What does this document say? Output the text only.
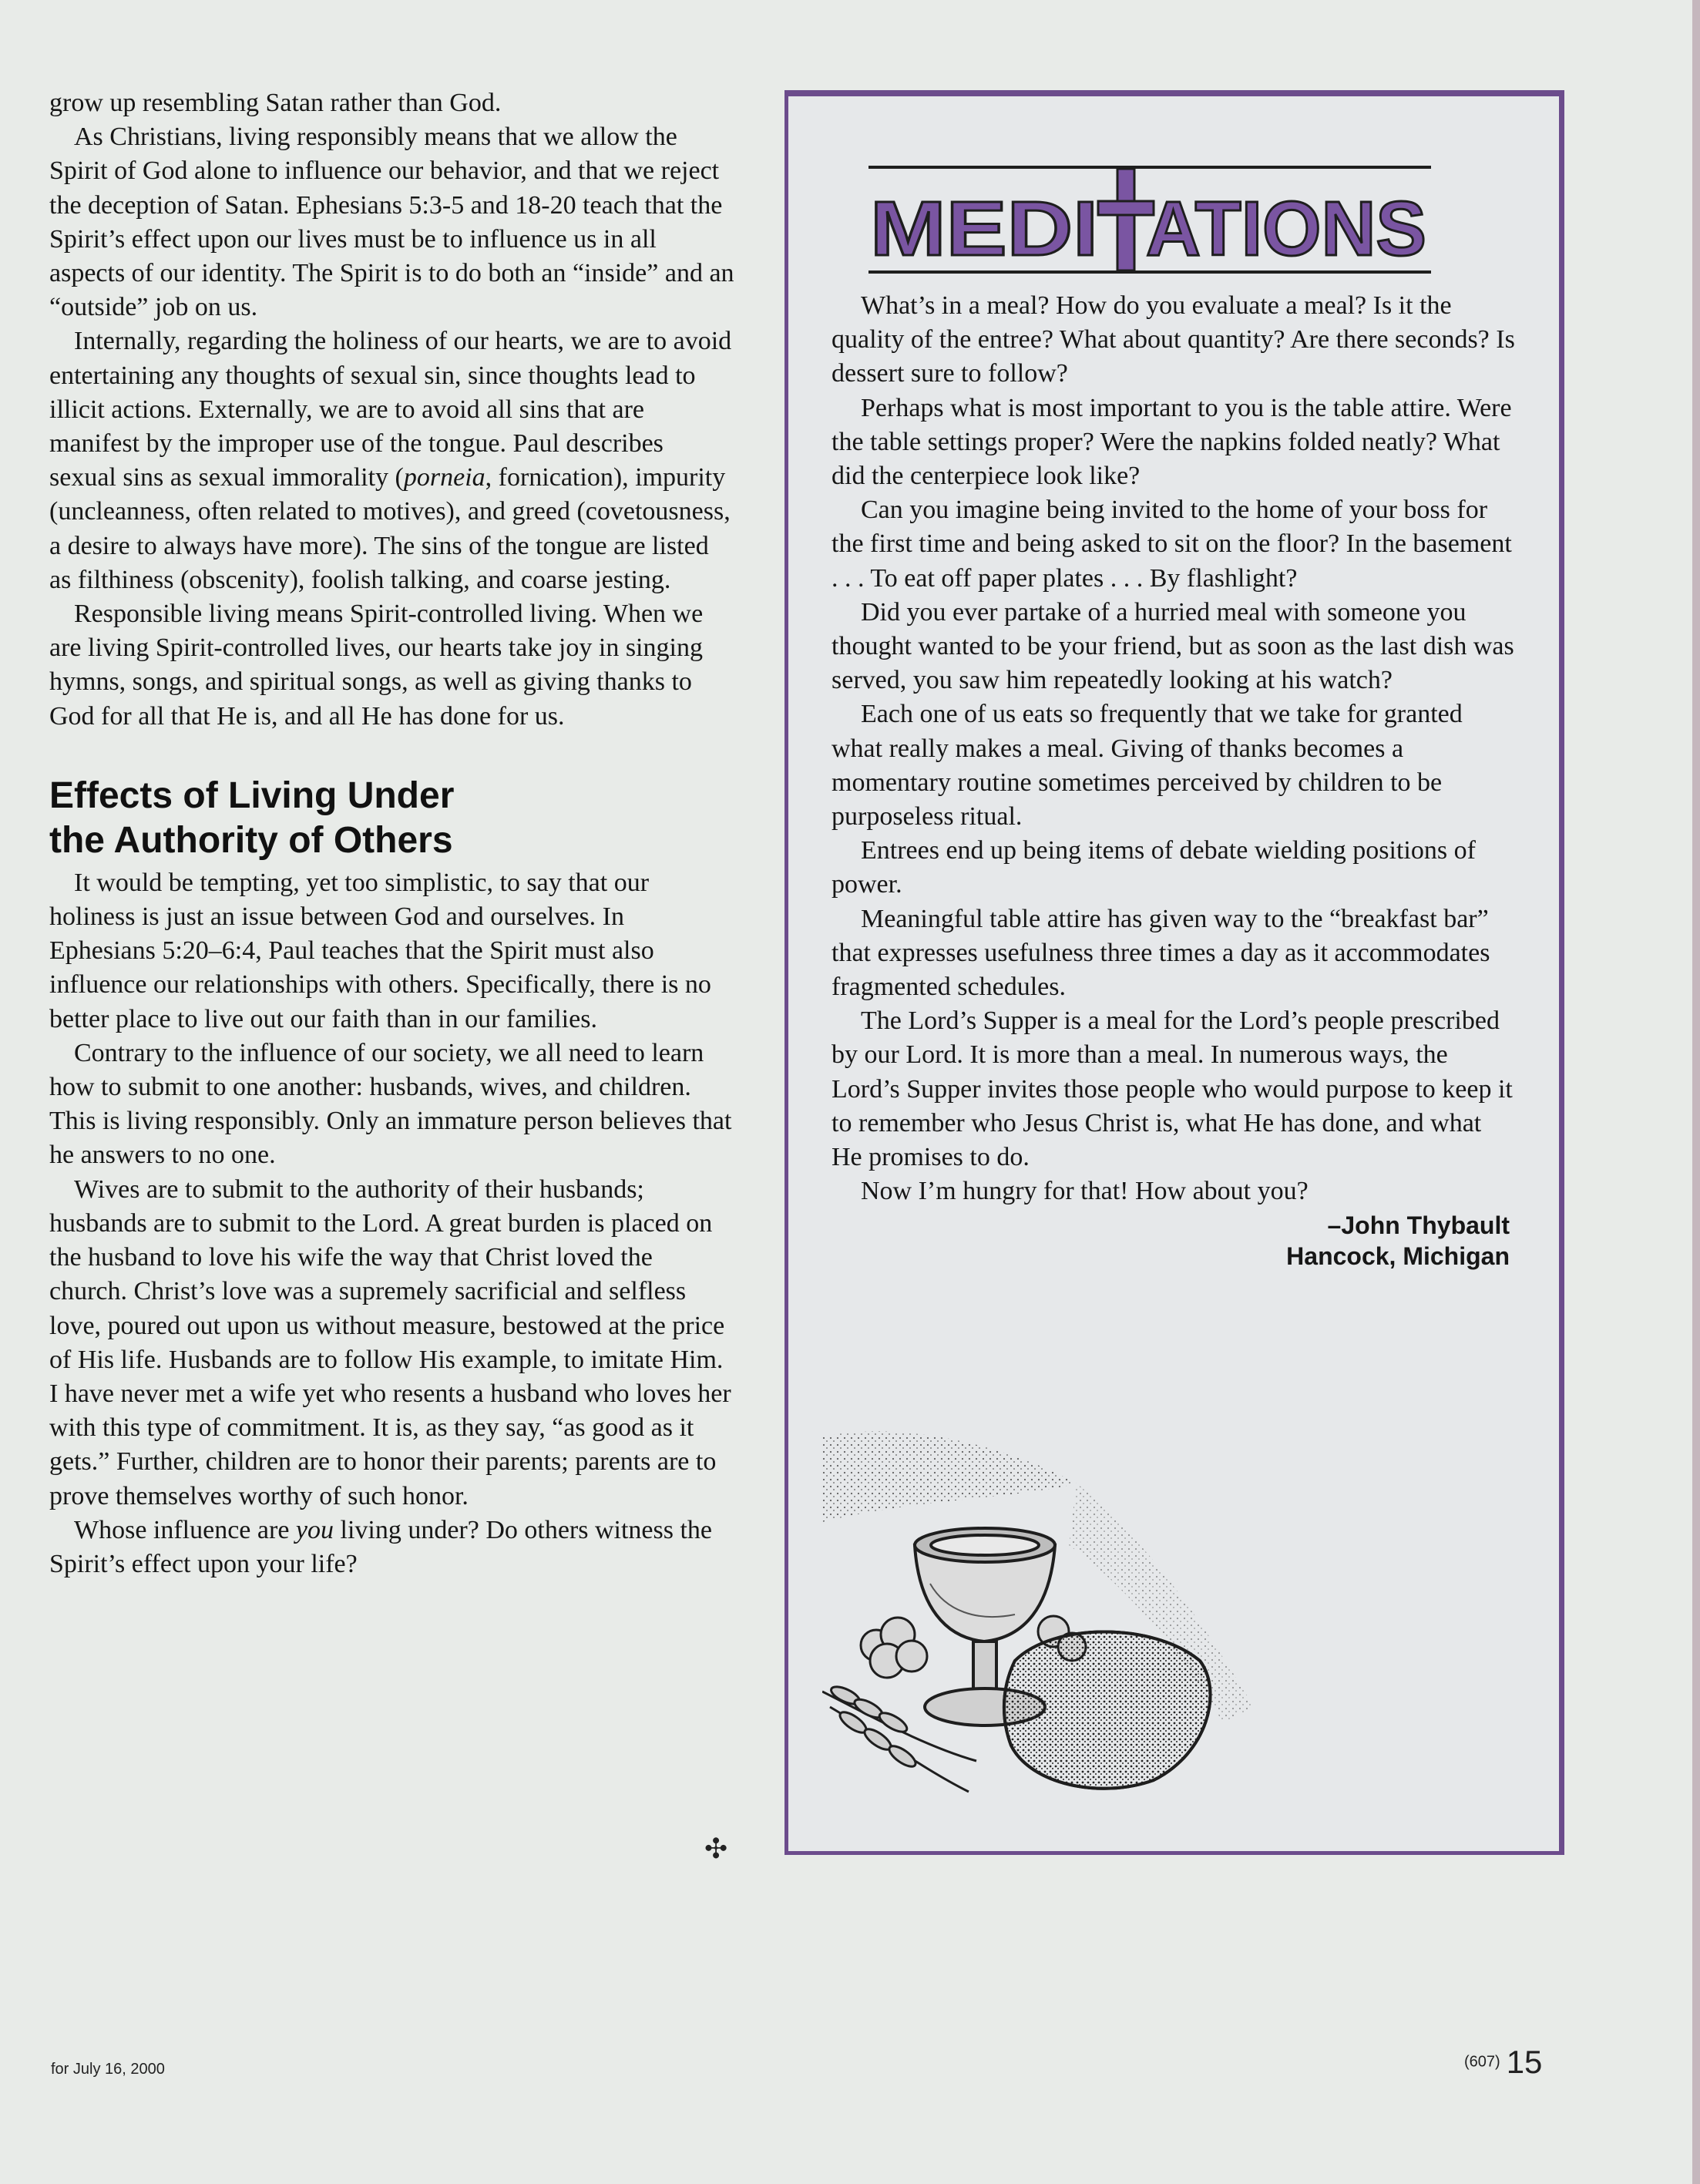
grow up resembling Satan rather than God.

As Christians, living responsibly means that we allow the Spirit of God alone to influence our behavior, and that we reject the deception of Satan. Ephesians 5:3-5 and 18-20 teach that the Spirit’s effect upon our lives must be to influence us in all aspects of our identity. The Spirit is to do both an “inside” and an “outside” job on us.

Internally, regarding the holiness of our hearts, we are to avoid entertaining any thoughts of sexual sin, since thoughts lead to illicit actions. Externally, we are to avoid all sins that are manifest by the improper use of the tongue. Paul describes sexual sins as sexual immorality (porneia, fornication), impurity (uncleanness, often related to motives), and greed (covetousness, a desire to always have more). The sins of the tongue are listed as filthiness (obscenity), foolish talking, and coarse jesting.

Responsible living means Spirit-controlled living. When we are living Spirit-controlled lives, our hearts take joy in singing hymns, songs, and spiritual songs, as well as giving thanks to God for all that He is, and all He has done for us.

Effects of Living Under
the Authority of Others

It would be tempting, yet too simplistic, to say that our holiness is just an issue between God and ourselves. In Ephesians 5:20–6:4, Paul teaches that the Spirit must also influence our relationships with others. Specifically, there is no better place to live out our faith than in our families.

Contrary to the influence of our society, we all need to learn how to submit to one another: husbands, wives, and children. This is living responsibly. Only an immature person believes that he answers to no one.

Wives are to submit to the authority of their husbands; husbands are to submit to the Lord. A great burden is placed on the husband to love his wife the way that Christ loved the church. Christ’s love was a supremely sacrificial and selfless love, poured out upon us without measure, bestowed at the price of His life. Husbands are to follow His example, to imitate Him. I have never met a wife yet who resents a husband who loves her with this type of commitment. It is, as they say, “as good as it gets.” Further, children are to honor their parents; parents are to prove themselves worthy of such honor.

Whose influence are you living under? Do others witness the Spirit’s effect upon your life?

✣
MEDI ATIONS

What’s in a meal? How do you evaluate a meal? Is it the quality of the entree? What about quantity? Are there seconds? Is dessert sure to follow?

Perhaps what is most important to you is the table attire. Were the table settings proper? Were the napkins folded neatly? What did the centerpiece look like?

Can you imagine being invited to the home of your boss for the first time and being asked to sit on the floor? In the basement . . . To eat off paper plates . . . By flashlight?

Did you ever partake of a hurried meal with someone you thought wanted to be your friend, but as soon as the last dish was served, you saw him repeatedly looking at his watch?

Each one of us eats so frequently that we take for granted what really makes a meal. Giving of thanks becomes a momentary routine sometimes perceived by children to be purposeless ritual.

Entrees end up being items of debate wielding positions of power.

Meaningful table attire has given way to the “breakfast bar” that expresses usefulness three times a day as it accommodates fragmented schedules.

The Lord’s Supper is a meal for the Lord’s people prescribed by our Lord. It is more than a meal. In numerous ways, the Lord’s Supper invites those people who would purpose to keep it to remember who Jesus Christ is, what He has done, and what He promises to do.

Now I’m hungry for that! How about you?

–John Thybault
Hancock, Michigan
for July 16, 2000	(607) 15
